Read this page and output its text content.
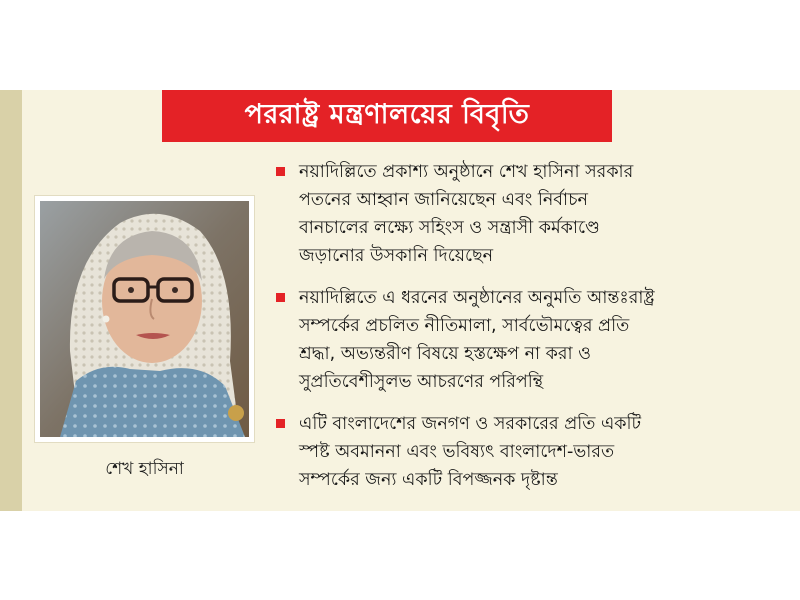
পররাষ্ট্র মন্ত্রণালয়ের বিবৃতি
শেখ হাসিনা
নয়াদিল্লিতে প্রকাশ্য অনুষ্ঠানে শেখ হাসিনা সরকার
পতনের আহ্বান জানিয়েছেন এবং নির্বাচন
বানচালের লক্ষ্যে সহিংস ও সন্ত্রাসী কর্মকাণ্ডে
জড়ানোর উসকানি দিয়েছেন
নয়াদিল্লিতে এ ধরনের অনুষ্ঠানের অনুমতি আন্তঃরাষ্ট্র
সম্পর্কের প্রচলিত নীতিমালা, সার্বভৌমত্বের প্রতি
শ্রদ্ধা, অভ্যন্তরীণ বিষয়ে হস্তক্ষেপ না করা ও
সুপ্রতিবেশীসুলভ আচরণের পরিপন্থি
এটি বাংলাদেশের জনগণ ও সরকারের প্রতি একটি
স্পষ্ট অবমাননা এবং ভবিষ্যৎ বাংলাদেশ-ভারত
সম্পর্কের জন্য একটি বিপজ্জনক দৃষ্টান্ত
